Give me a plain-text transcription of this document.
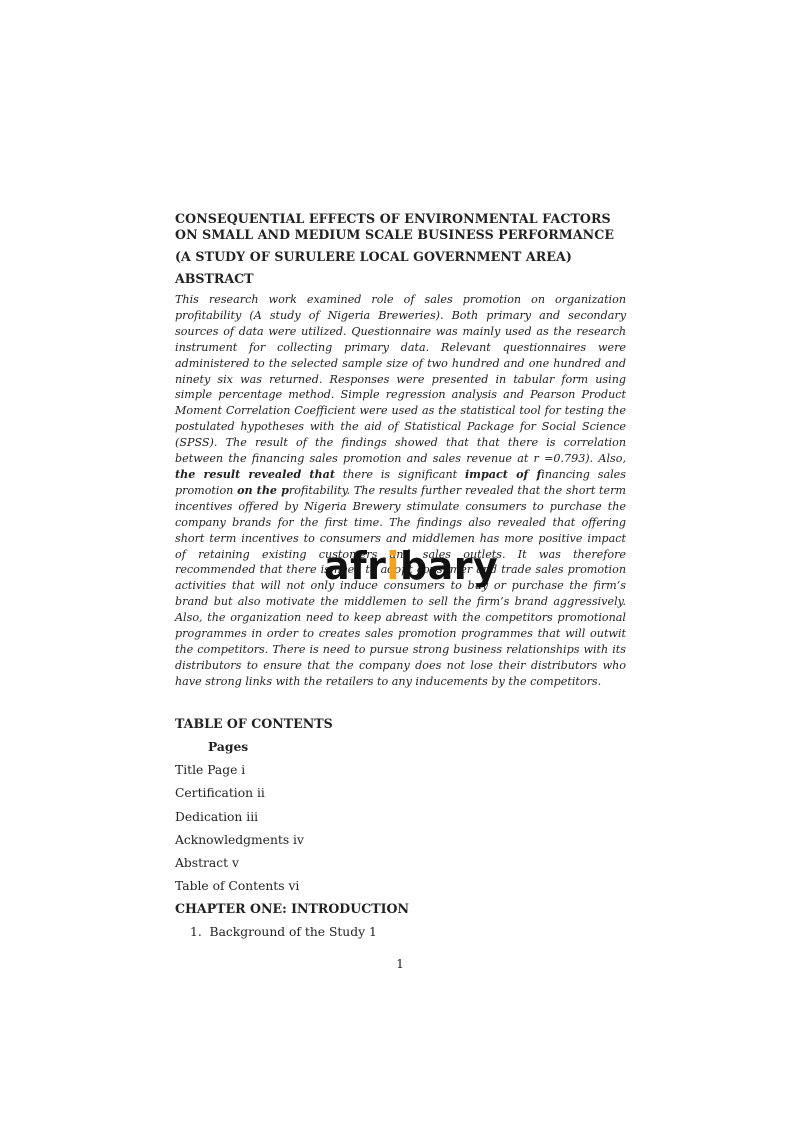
CONSEQUENTIAL EFFECTS OF ENVIRONMENTAL FACTORS
ON SMALL AND MEDIUM SCALE BUSINESS PERFORMANCE

(A STUDY OF SURULERE LOCAL GOVERNMENT AREA)

ABSTRACT

This research work examined role of sales promotion on organization profitability (A study of Nigeria Breweries). Both primary and secondary sources of data were utilized. Questionnaire was mainly used as the research instrument for collecting primary data. Relevant questionnaires were administered to the selected sample size of two hundred and one hundred and ninety six was returned. Responses were presented in tabular form using simple percentage method. Simple regression analysis and Pearson Product Moment Correlation Coefficient were used as the statistical tool for testing the postulated hypotheses with the aid of Statistical Package for Social Science (SPSS). The result of the findings showed that that there is correlation between the financing sales promotion and sales revenue at r =0.793). Also, the result revealed that there is significant impact of financing sales promotion on the profitability. The results further revealed that the short term incentives offered by Nigeria Brewery stimulate consumers to purchase the company brands for the first time. The findings also revealed that offering short term incentives to consumers and middlemen has more positive impact of retaining existing customers and sales outlets. It was therefore recommended that there is need to adopt consumer and trade sales promotion activities that will not only induce consumers to buy or purchase the firm’s brand but also motivate the middlemen to sell the firm’s brand aggressively. Also, the organization need to keep abreast with the competitors promotional programmes in order to creates sales promotion programmes that will outwit the competitors. There is need to pursue strong business relationships with its distributors to ensure that the company does not lose their distributors who have strong links with the retailers to any inducements by the competitors.

TABLE OF CONTENTS

Pages

Title Page i

Certification ii

Dedication iii

Acknowledgments iv

Abstract v

Table of Contents vi

CHAPTER ONE: INTRODUCTION

1.  Background of the Study 1

afribary
1
